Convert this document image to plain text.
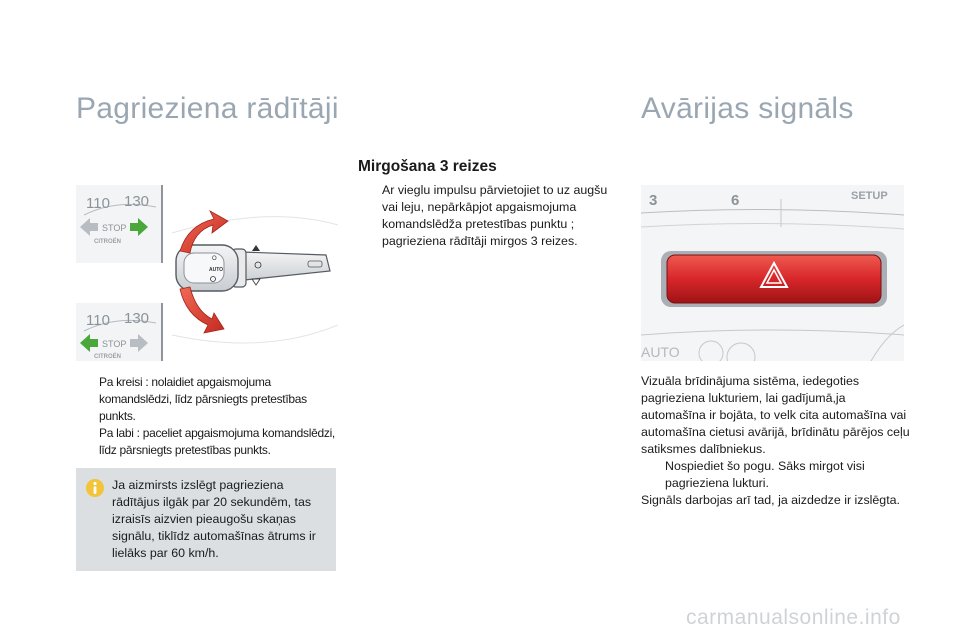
Pagrieziena rādītāji	Avārijas signāls
110 130
STOP
CITROËN
110 130
STOP
CITROËN
O
AUTO
Pa kreisi : nolaidiet apgaismojuma komandslēdzi, līdz pārsniegts pretestības punkts.
Pa labi : paceliet apgaismojuma komandslēdzi, līdz pārsniegts pretestības punkts.
Ja aizmirsts izslēgt pagrieziena rādītājus ilgāk par 20 sekundēm, tas izraisīs aizvien pieaugošu skaņas signālu, tiklīdz automašīnas ātrums ir lielāks par 60 km/h.
Mirgošana 3 reizes
Ar vieglu impulsu pārvietojiet to uz augšu vai leju, nepārkāpjot apgaismojuma komandslēdža pretestības punktu ; pagrieziena rādītāji mirgos 3 reizes.
3	6	SETUP
AUTO
Vizuāla brīdinājuma sistēma, iedegoties pagrieziena lukturiem, lai gadījumā,ja automašīna ir bojāta, to velk cita automašīna vai automašīna cietusi avārijā, brīdinātu pārējos ceļu satiksmes dalībniekus.
Nospiediet šo pogu. Sāks mirgot visi pagrieziena lukturi.
Signāls darbojas arī tad, ja aizdedze ir izslēgta.
carmanualsonline.info
